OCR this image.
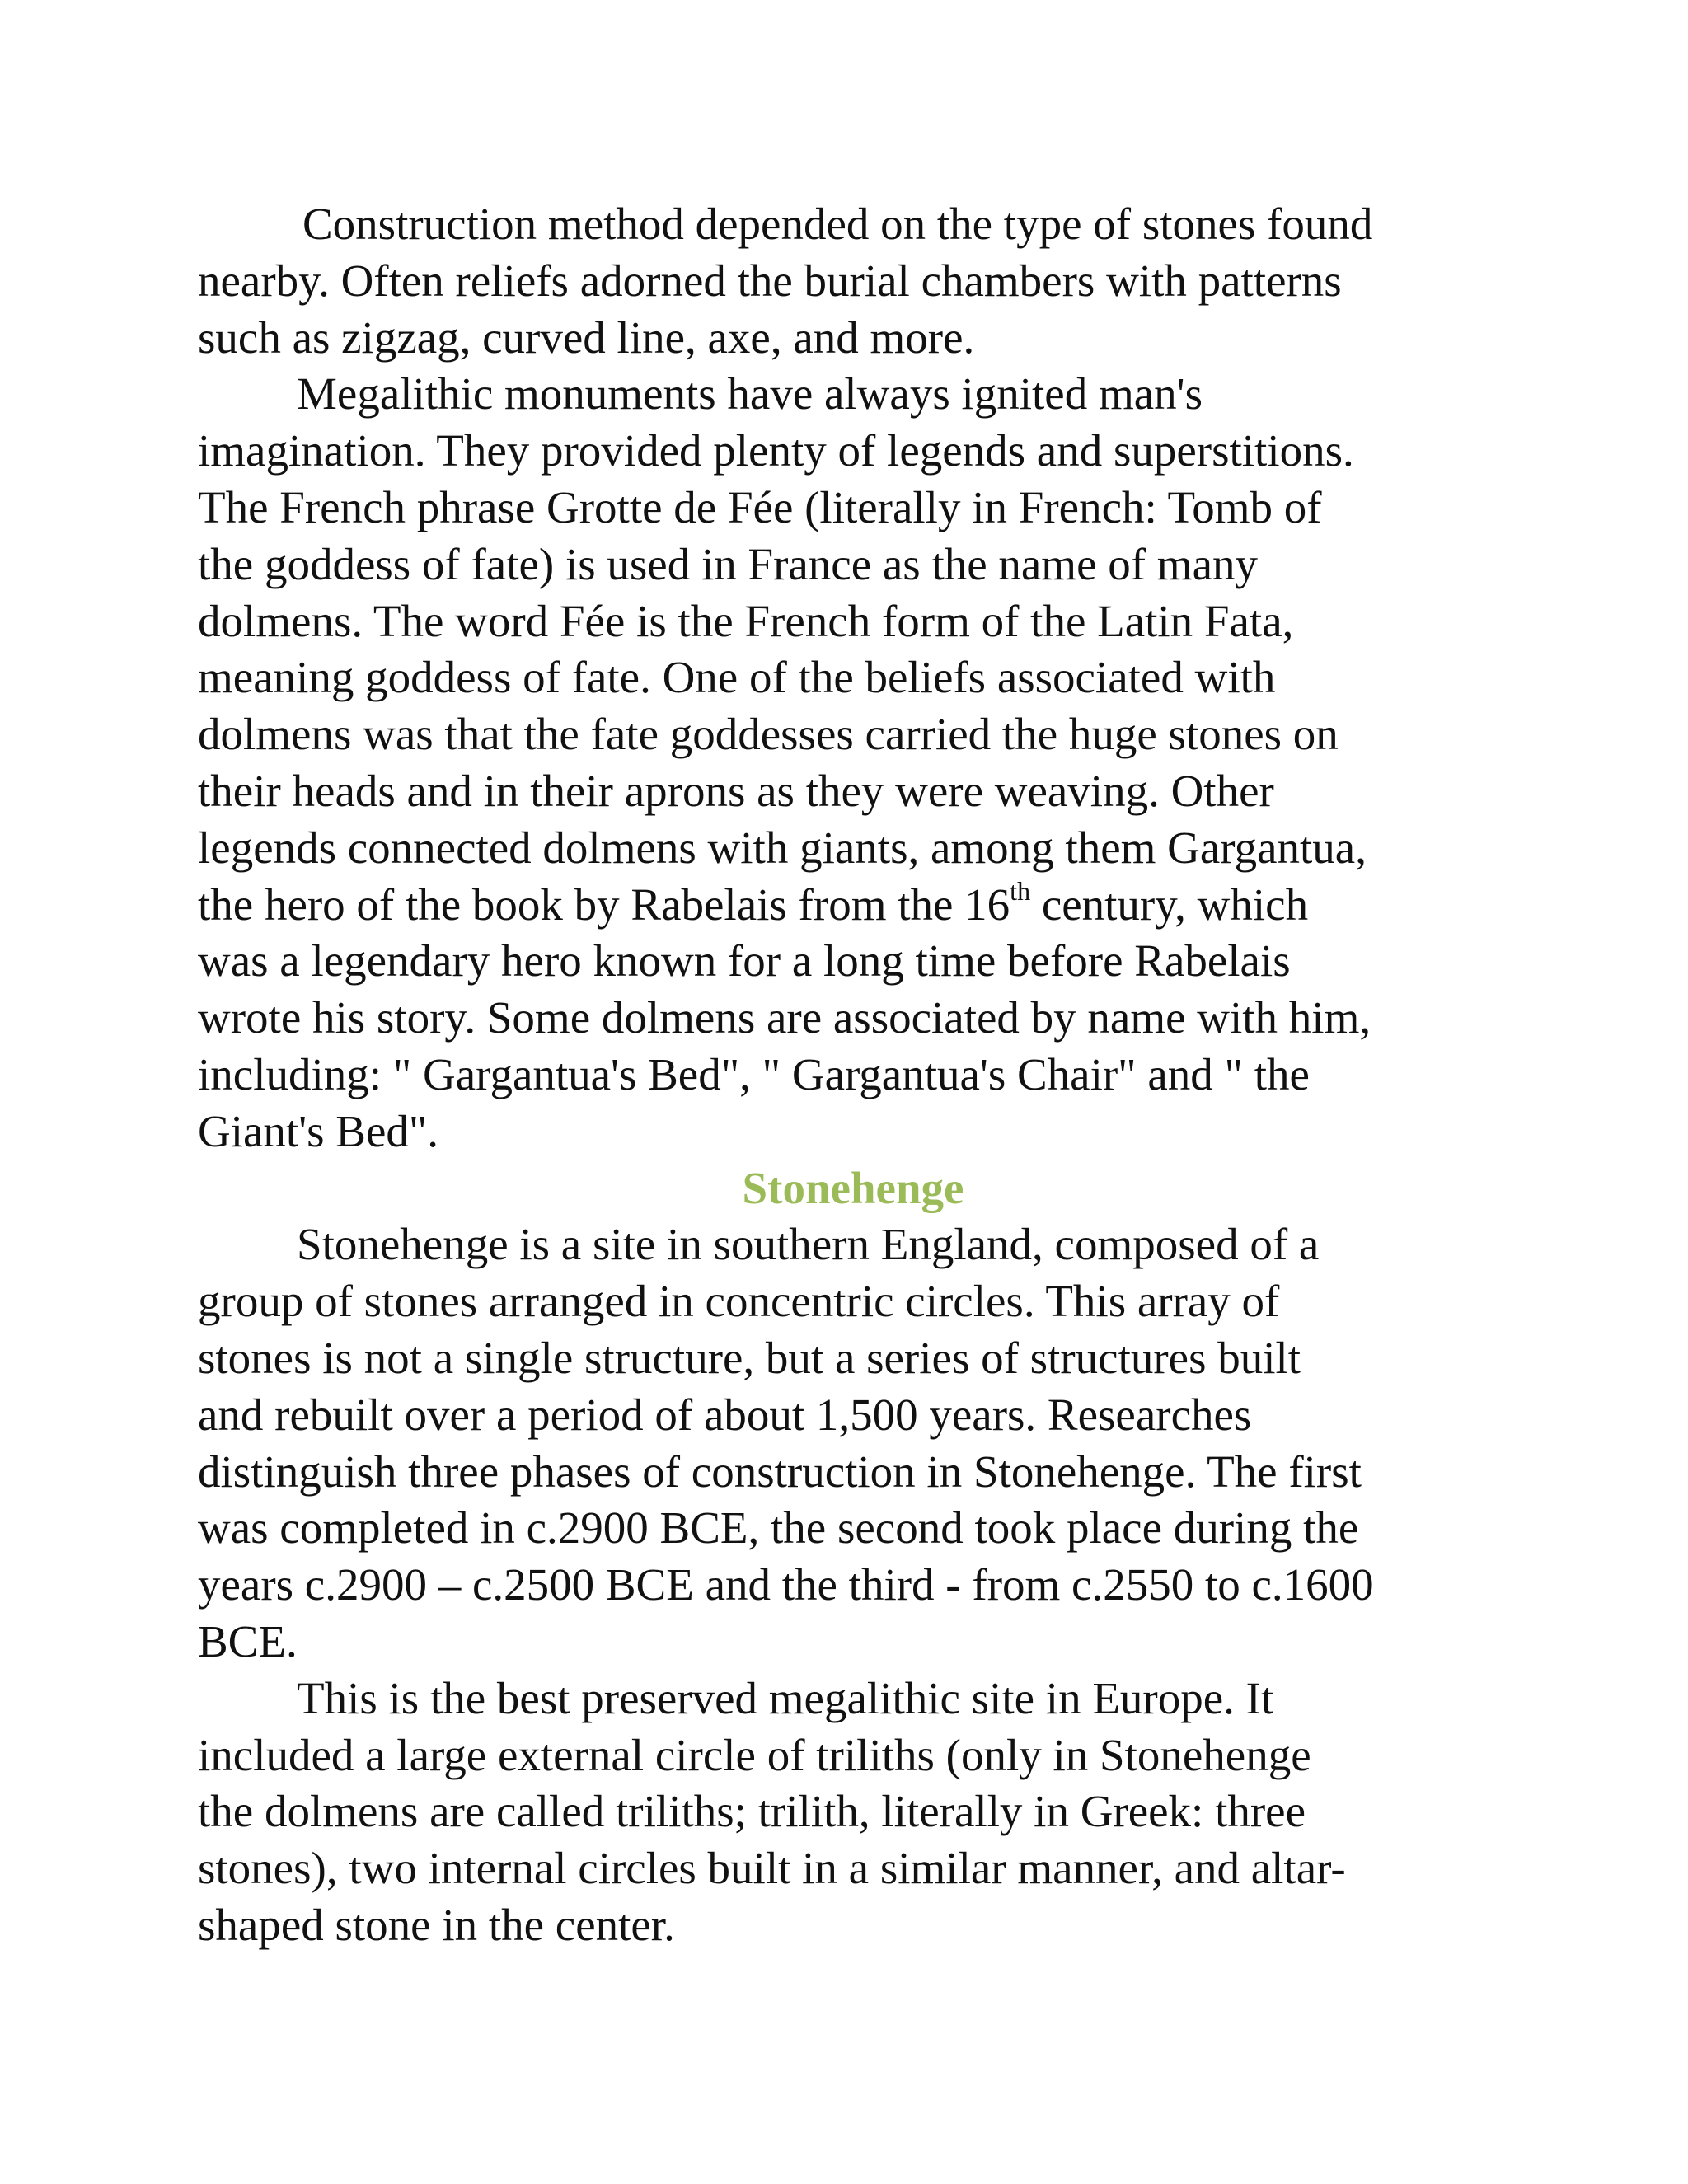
Construction method depended on the type of stones found
nearby. Often reliefs adorned the burial chambers with patterns
such as zigzag, curved line, axe, and more.
Megalithic monuments have always ignited man's
imagination. They provided plenty of legends and superstitions.
The French phrase Grotte de Fée (literally in French: Tomb of
the goddess of fate) is used in France as the name of many
dolmens. The word Fée is the French form of the Latin Fata,
meaning goddess of fate. One of the beliefs associated with
dolmens was that the fate goddesses carried the huge stones on
their heads and in their aprons as they were weaving. Other
legends connected dolmens with giants, among them Gargantua,
the hero of the book by Rabelais from the 16th century, which
was a legendary hero known for a long time before Rabelais
wrote his story. Some dolmens are associated by name with him,
including: " Gargantua's Bed", " Gargantua's Chair" and " the
Giant's Bed".
Stonehenge
Stonehenge is a site in southern England, composed of a
group of stones arranged in concentric circles. This array of
stones is not a single structure, but a series of structures built
and rebuilt over a period of about 1,500 years. Researches
distinguish three phases of construction in Stonehenge. The first
was completed in c.2900 BCE, the second took place during the
years c.2900 – c.2500 BCE and the third - from c.2550 to c.1600
BCE.
This is the best preserved megalithic site in Europe. It
included a large external circle of triliths (only in Stonehenge
the dolmens are called triliths; trilith, literally in Greek: three
stones), two internal circles built in a similar manner, and altar-
shaped stone in the center.
